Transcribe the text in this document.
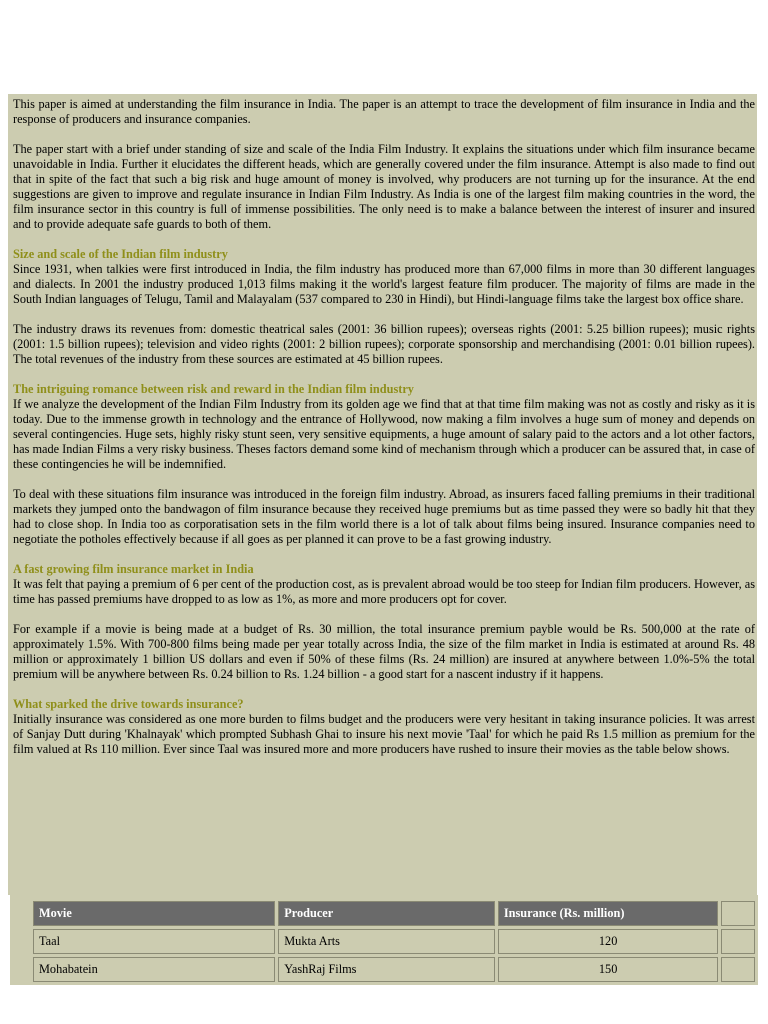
This paper is aimed at understanding the film insurance in India. The paper is an attempt to trace the development of film insurance in India and the response of producers and insurance companies.

The paper start with a brief under standing of size and scale of the India Film Industry. It explains the situations under which film insurance became unavoidable in India. Further it elucidates the different heads, which are generally covered under the film insurance. Attempt is also made to find out that in spite of the fact that such a big risk and huge amount of money is involved, why producers are not turning up for the insurance. At the end suggestions are given to improve and regulate insurance in Indian Film Industry. As India is one of the largest film making countries in the word, the film insurance sector in this country is full of immense possibilities. The only need is to make a balance between the interest of insurer and insured and to provide adequate safe guards to both of them.

Size and scale of the Indian film industry

Since 1931, when talkies were first introduced in India, the film industry has produced more than 67,000 films in more than 30 different languages and dialects. In 2001 the industry produced 1,013 films making it the world's largest feature film producer. The majority of films are made in the South Indian languages of Telugu, Tamil and Malayalam (537 compared to 230 in Hindi), but Hindi-language films take the largest box office share.

The industry draws its revenues from: domestic theatrical sales (2001: 36 billion rupees); overseas rights (2001: 5.25 billion rupees); music rights (2001: 1.5 billion rupees); television and video rights (2001: 2 billion rupees); corporate sponsorship and merchandising (2001: 0.01 billion rupees). The total revenues of the industry from these sources are estimated at 45 billion rupees.

The intriguing romance between risk and reward in the Indian film industry

If we analyze the development of the Indian Film Industry from its golden age we find that at that time film making was not as costly and risky as it is today. Due to the immense growth in technology and the entrance of Hollywood, now making a film involves a huge sum of money and depends on several contingencies. Huge sets, highly risky stunt seen, very sensitive equipments, a huge amount of salary paid to the actors and a lot other factors, has made Indian Films a very risky business. Theses factors demand some kind of mechanism through which a producer can be assured that, in case of these contingencies he will be indemnified.

To deal with these situations film insurance was introduced in the foreign film industry. Abroad, as insurers faced falling premiums in their traditional markets they jumped onto the bandwagon of film insurance because they received huge premiums but as time passed they were so badly hit that they had to close shop. In India too as corporatisation sets in the film world there is a lot of talk about films being insured. Insurance companies need to negotiate the potholes effectively because if all goes as per planned it can prove to be a fast growing industry.

A fast growing film insurance market in India

It was felt that paying a premium of 6 per cent of the production cost, as is prevalent abroad would be too steep for Indian film producers. However, as time has passed premiums have dropped to as low as 1%, as more and more producers opt for cover.

For example if a movie is being made at a budget of Rs. 30 million, the total insurance premium payble would be Rs. 500,000 at the rate of approximately 1.5%. With 700-800 films being made per year totally across India, the size of the film market in India is estimated at around Rs. 48 million or approximately 1 billion US dollars and even if 50% of these films (Rs. 24 million) are insured at anywhere between 1.0%-5% the total premium will be anywhere between Rs. 0.24 billion to Rs. 1.24 billion - a good start for a nascent industry if it happens.

What sparked the drive towards insurance?

Initially insurance was considered as one more burden to films budget and the producers were very hesitant in taking insurance policies. It was arrest of Sanjay Dutt during 'Khalnayak' which prompted Subhash Ghai to insure his next movie 'Taal' for which he paid Rs 1.5 million as premium for the film valued at Rs 110 million. Ever since Taal was insured more and more producers have rushed to insure their movies as the table below shows.

Movie	Producer	Insurance (Rs. million)	
Taal	Mukta Arts	120	
Mohabatein	YashRaj Films	150	
